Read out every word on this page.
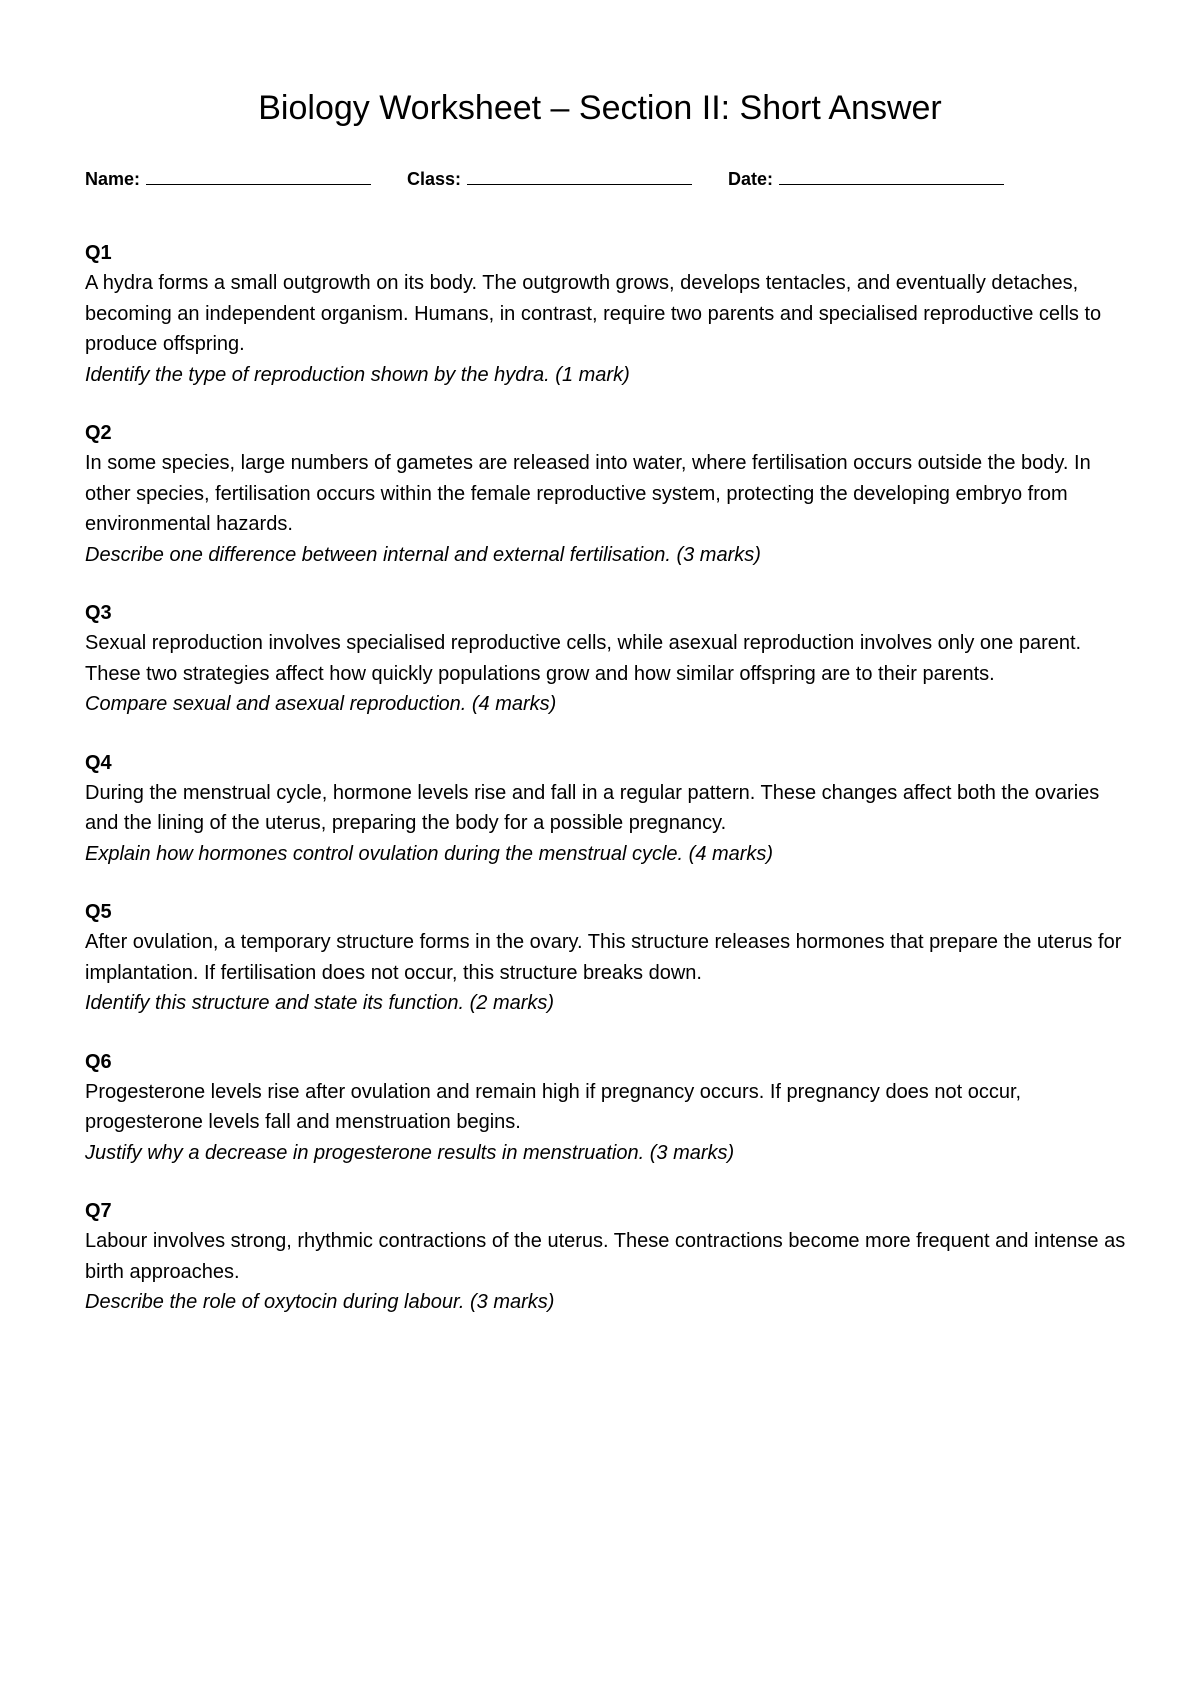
Biology Worksheet – Section II: Short Answer
Name:	Class:	Date:
Q1
A hydra forms a small outgrowth on its body. The outgrowth grows, develops tentacles, and eventually detaches, becoming an independent organism. Humans, in contrast, require two parents and specialised reproductive cells to produce offspring.
Identify the type of reproduction shown by the hydra. (1 mark)
Q2
In some species, large numbers of gametes are released into water, where fertilisation occurs outside the body. In other species, fertilisation occurs within the female reproductive system, protecting the developing embryo from environmental hazards.
Describe one difference between internal and external fertilisation. (3 marks)
Q3
Sexual reproduction involves specialised reproductive cells, while asexual reproduction involves only one parent. These two strategies affect how quickly populations grow and how similar offspring are to their parents.
Compare sexual and asexual reproduction. (4 marks)
Q4
During the menstrual cycle, hormone levels rise and fall in a regular pattern. These changes affect both the ovaries and the lining of the uterus, preparing the body for a possible pregnancy.
Explain how hormones control ovulation during the menstrual cycle. (4 marks)
Q5
After ovulation, a temporary structure forms in the ovary. This structure releases hormones that prepare the uterus for implantation. If fertilisation does not occur, this structure breaks down.
Identify this structure and state its function. (2 marks)
Q6
Progesterone levels rise after ovulation and remain high if pregnancy occurs. If pregnancy does not occur, progesterone levels fall and menstruation begins.
Justify why a decrease in progesterone results in menstruation. (3 marks)
Q7
Labour involves strong, rhythmic contractions of the uterus. These contractions become more frequent and intense as birth approaches.
Describe the role of oxytocin during labour. (3 marks)
